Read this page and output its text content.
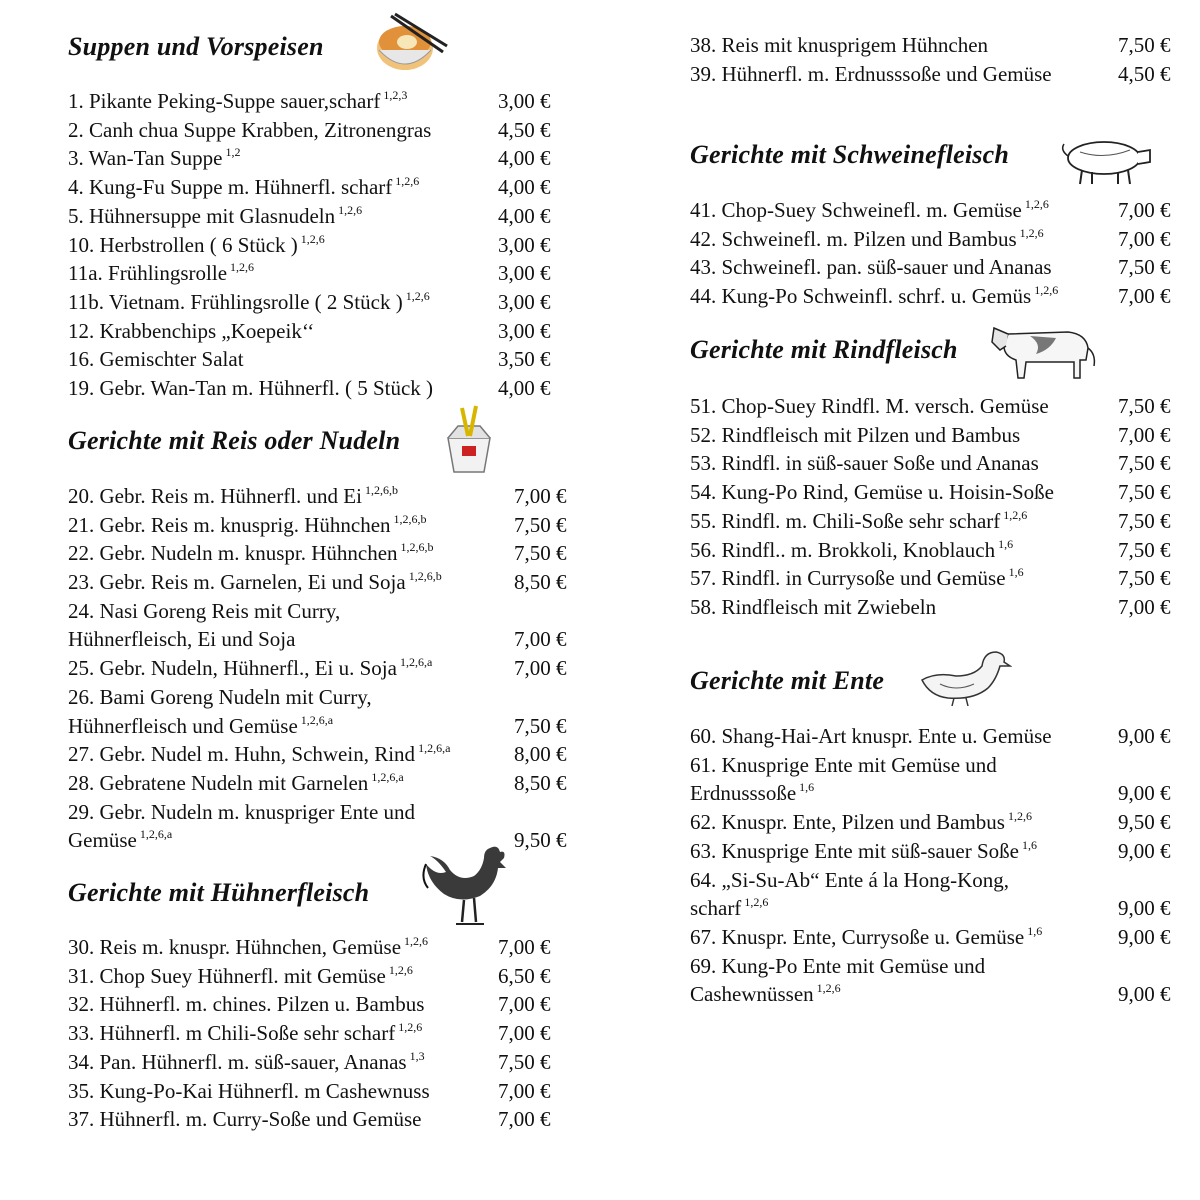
Suppen und Vorspeisen
Gerichte mit Reis oder Nudeln
Gerichte mit Hühnerfleisch
1. Pikante Peking-Suppe sauer,scharf $^{1,2,3}$	3,00 €
2. Canh chua Suppe Krabben, Zitronengras	4,50 €
3. Wan-Tan Suppe $^{1,2}$	4,00 €
4. Kung-Fu Suppe m. Hühnerfl. scharf $^{1,2,6}$	4,00 €
5. Hühnersuppe mit Glasnudeln $^{1,2,6}$	4,00 €
10. Herbstrollen ( 6 Stück ) $^{1,2,6}$	3,00 €
11a. Frühlingsrolle $^{1,2,6}$	3,00 €
11b. Vietnam. Frühlingsrolle ( 2 Stück ) $^{1,2,6}$	3,00 €
12. Krabbenchips „Koepeik‘‘	3,00 €
16. Gemischter Salat	3,50 €
19. Gebr. Wan-Tan m. Hühnerfl. ( 5 Stück )	4,00 €
20. Gebr. Reis m. Hühnerfl. und Ei $^{1,2,6,b}$	7,00 €
21. Gebr. Reis m. knusprig. Hühnchen $^{1,2,6,b}$	7,50 €
22. Gebr. Nudeln m. knuspr. Hühnchen $^{1,2,6,b}$	7,50 €
23. Gebr. Reis m. Garnelen, Ei und Soja $^{1,2,6,b}$	8,50 €
24. Nasi Goreng Reis mit Curry,
Hühnerfleisch, Ei und Soja	7,00 €
25. Gebr. Nudeln, Hühnerfl., Ei u. Soja $^{1,2,6,a}$	7,00 €
26. Bami Goreng Nudeln mit Curry,
Hühnerfleisch und Gemüse $^{1,2,6,a}$	7,50 €
27. Gebr. Nudel m. Huhn, Schwein, Rind $^{1,2,6,a}$	8,00 €
28. Gebratene Nudeln mit Garnelen $^{1,2,6,a}$	8,50 €
29. Gebr. Nudeln m. knuspriger Ente und
Gemüse $^{1,2,6,a}$	9,50 €
30. Reis m. knuspr. Hühnchen, Gemüse $^{1,2,6}$	7,00 €
31. Chop Suey Hühnerfl. mit Gemüse $^{1,2,6}$	6,50 €
32. Hühnerfl. m. chines. Pilzen u. Bambus	7,00 €
33. Hühnerfl. m Chili-Soße sehr scharf $^{1,2,6}$	7,00 €
34. Pan. Hühnerfl. m. süß-sauer, Ananas $^{1,3}$	7,50 €
35. Kung-Po-Kai Hühnerfl. m Cashewnuss	7,00 €
37. Hühnerfl. m. Curry-Soße und Gemüse	7,00 €
Gerichte mit Schweinefleisch
Gerichte mit Rindfleisch
Gerichte mit Ente
38. Reis mit knusprigem Hühnchen	7,50 €
39. Hühnerfl. m. Erdnusssoße und Gemüse	4,50 €
41. Chop-Suey Schweinefl. m. Gemüse $^{1,2,6}$	7,00 €
42. Schweinefl. m. Pilzen und Bambus $^{1,2,6}$	7,00 €
43. Schweinefl. pan. süß-sauer und Ananas	7,50 €
44. Kung-Po Schweinfl. schrf. u. Gemüs $^{1,2,6}$	7,00 €
51. Chop-Suey Rindfl. M. versch. Gemüse	7,50 €
52. Rindfleisch mit Pilzen und Bambus	7,00 €
53. Rindfl. in süß-sauer Soße und Ananas	7,50 €
54. Kung-Po Rind, Gemüse u. Hoisin-Soße	7,50 €
55. Rindfl. m. Chili-Soße sehr scharf $^{1,2,6}$	7,50 €
56. Rindfl.. m. Brokkoli, Knoblauch $^{1,6}$	7,50 €
57. Rindfl. in Currysoße und Gemüse $^{1,6}$	7,50 €
58. Rindfleisch mit Zwiebeln	7,00 €
60. Shang-Hai-Art knuspr. Ente u. Gemüse	9,00 €
61. Knusprige Ente mit Gemüse und
Erdnusssoße $^{1,6}$	9,00 €
62. Knuspr. Ente, Pilzen und Bambus $^{1,2,6}$	9,50 €
63. Knusprige Ente mit süß-sauer Soße $^{1,6}$	9,00 €
64. „Si-Su-Ab“ Ente á la Hong-Kong,
scharf $^{1,2,6}$	9,00 €
67. Knuspr. Ente, Currysoße u. Gemüse $^{1,6}$	9,00 €
69. Kung-Po Ente mit Gemüse und
Cashewnüssen $^{1,2,6}$	9,00 €
